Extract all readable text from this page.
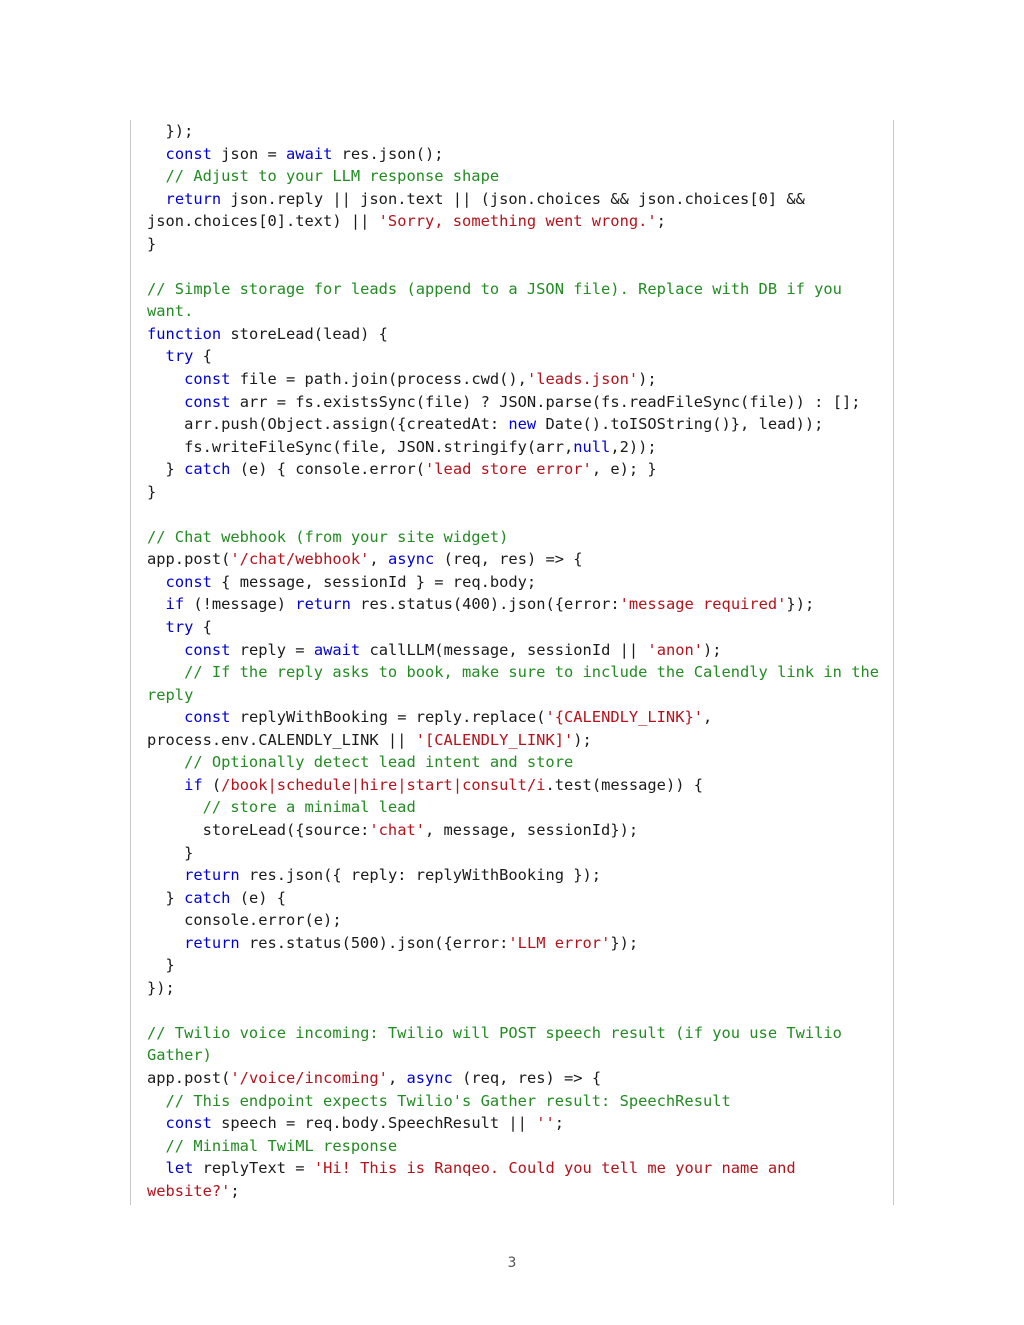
});
const json = await res.json();
// Adjust to your LLM response shape
return json.reply || json.text || (json.choices && json.choices[0] &&
json.choices[0].text) || 'Sorry, something went wrong.';
}
// Simple storage for leads (append to a JSON file). Replace with DB if you
want.
function storeLead(lead) {
try {
const file = path.join(process.cwd(),'leads.json');
const arr = fs.existsSync(file) ? JSON.parse(fs.readFileSync(file)) : [];
arr.push(Object.assign({createdAt: new Date().toISOString()}, lead));
fs.writeFileSync(file, JSON.stringify(arr,null,2));
} catch (e) { console.error('lead store error', e); }
}
// Chat webhook (from your site widget)
app.post('/chat/webhook', async (req, res) => {
const { message, sessionId } = req.body;
if (!message) return res.status(400).json({error:'message required'});
try {
const reply = await callLLM(message, sessionId || 'anon');
// If the reply asks to book, make sure to include the Calendly link in the
reply
const replyWithBooking = reply.replace('{CALENDLY_LINK}',
process.env.CALENDLY_LINK || '[CALENDLY_LINK]');
// Optionally detect lead intent and store
if (/book|schedule|hire|start|consult/i.test(message)) {
// store a minimal lead
storeLead({source:'chat', message, sessionId});
}
return res.json({ reply: replyWithBooking });
} catch (e) {
console.error(e);
return res.status(500).json({error:'LLM error'});
}
});
// Twilio voice incoming: Twilio will POST speech result (if you use Twilio
Gather)
app.post('/voice/incoming', async (req, res) => {
// This endpoint expects Twilio's Gather result: SpeechResult
const speech = req.body.SpeechResult || '';
// Minimal TwiML response
let replyText = 'Hi! This is Ranqeo. Could you tell me your name and
website?';
3
